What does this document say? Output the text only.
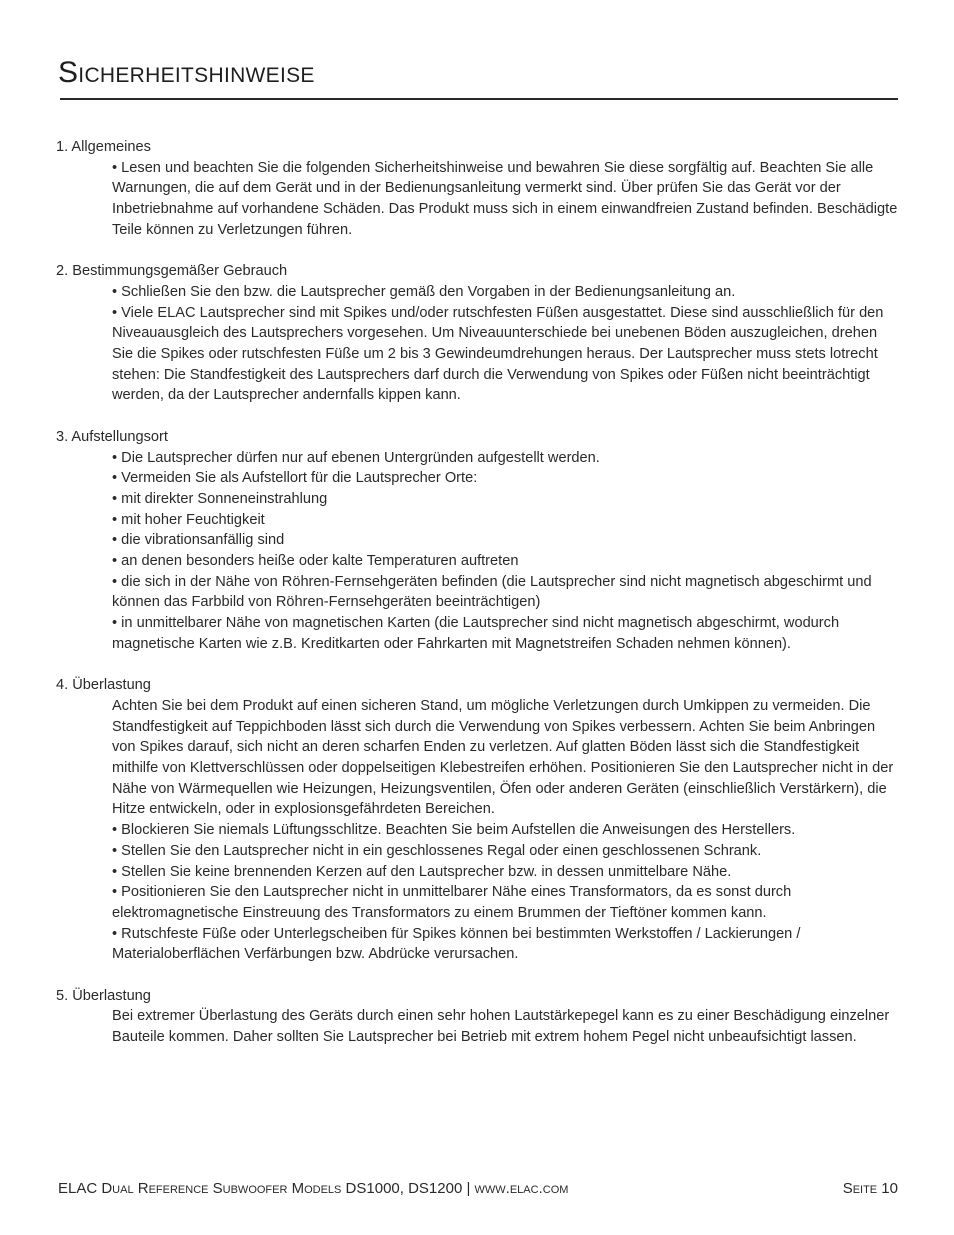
Sicherheitshinweise
1. Allgemeines

• Lesen und beachten Sie die folgenden Sicherheitshinweise und bewahren Sie diese sorgfältig auf. Beachten Sie alle Warnungen, die auf dem Gerät und in der Bedienungsanleitung vermerkt sind. Über prüfen Sie das Gerät vor der Inbetriebnahme auf vorhandene Schäden. Das Produkt muss sich in einem einwandfreien Zustand befinden. Beschädigte Teile können zu Verletzungen führen.

2. Bestimmungsgemäßer Gebrauch

• Schließen Sie den bzw. die Lautsprecher gemäß den Vorgaben in der Bedienungsanleitung an.

• Viele ELAC Lautsprecher sind mit Spikes und/oder rutschfesten Füßen ausgestattet. Diese sind ausschließlich für den Niveauausgleich des Lautsprechers vorgesehen. Um Niveauunterschiede bei unebenen Böden auszugleichen, drehen Sie die Spikes oder rutschfesten Füße um 2 bis 3 Gewindeumdrehungen heraus. Der Lautsprecher muss stets lotrecht stehen: Die Standfestigkeit des Lautsprechers darf durch die Verwendung von Spikes oder Füßen nicht beeinträchtigt werden, da der Lautsprecher andernfalls kippen kann.

3. Aufstellungsort

• Die Lautsprecher dürfen nur auf ebenen Untergründen aufgestellt werden.

• Vermeiden Sie als Aufstellort für die Lautsprecher Orte:

• mit direkter Sonneneinstrahlung

• mit hoher Feuchtigkeit

• die vibrationsanfällig sind

• an denen besonders heiße oder kalte Temperaturen auftreten

• die sich in der Nähe von Röhren-Fernsehgeräten befinden (die Lautsprecher sind nicht magnetisch abgeschirmt und können das Farbbild von Röhren-Fernsehgeräten beeinträchtigen)

• in unmittelbarer Nähe von magnetischen Karten (die Lautsprecher sind nicht magnetisch abgeschirmt, wodurch magnetische Karten wie z.B. Kreditkarten oder Fahrkarten mit Magnetstreifen Schaden nehmen können).

4. Überlastung

Achten Sie bei dem Produkt auf einen sicheren Stand, um mögliche Verletzungen durch Umkippen zu vermeiden. Die Standfestigkeit auf Teppichboden lässt sich durch die Verwendung von Spikes verbessern. Achten Sie beim Anbringen von Spikes darauf, sich nicht an deren scharfen Enden zu verletzen. Auf glatten Böden lässt sich die Standfestigkeit mithilfe von Klettverschlüssen oder doppelseitigen Klebestreifen erhöhen. Positionieren Sie den Lautsprecher nicht in der Nähe von Wärmequellen wie Heizungen, Heizungsventilen, Öfen oder anderen Geräten (einschließlich Verstärkern), die Hitze entwickeln, oder in explosionsgefährdeten Bereichen.

• Blockieren Sie niemals Lüftungsschlitze. Beachten Sie beim Aufstellen die Anweisungen des Herstellers.

• Stellen Sie den Lautsprecher nicht in ein geschlossenes Regal oder einen geschlossenen Schrank.

• Stellen Sie keine brennenden Kerzen auf den Lautsprecher bzw. in dessen unmittelbare Nähe.

• Positionieren Sie den Lautsprecher nicht in unmittelbarer Nähe eines Transformators, da es sonst durch elektromagnetische Einstreuung des Transformators zu einem Brummen der Tieftöner kommen kann.

• Rutschfeste Füße oder Unterlegscheiben für Spikes können bei bestimmten Werkstoffen / Lackierungen / Materialoberflächen Verfärbungen bzw. Abdrücke verursachen.

5. Überlastung

Bei extremer Überlastung des Geräts durch einen sehr hohen Lautstärkepegel kann es zu einer Beschädigung einzelner Bauteile kommen. Daher sollten Sie Lautsprecher bei Betrieb mit extrem hohem Pegel nicht unbeaufsichtigt lassen.

ELAC Dual Reference Subwoofer Models DS1000, DS1200 | www.elac.com	Seite 10
